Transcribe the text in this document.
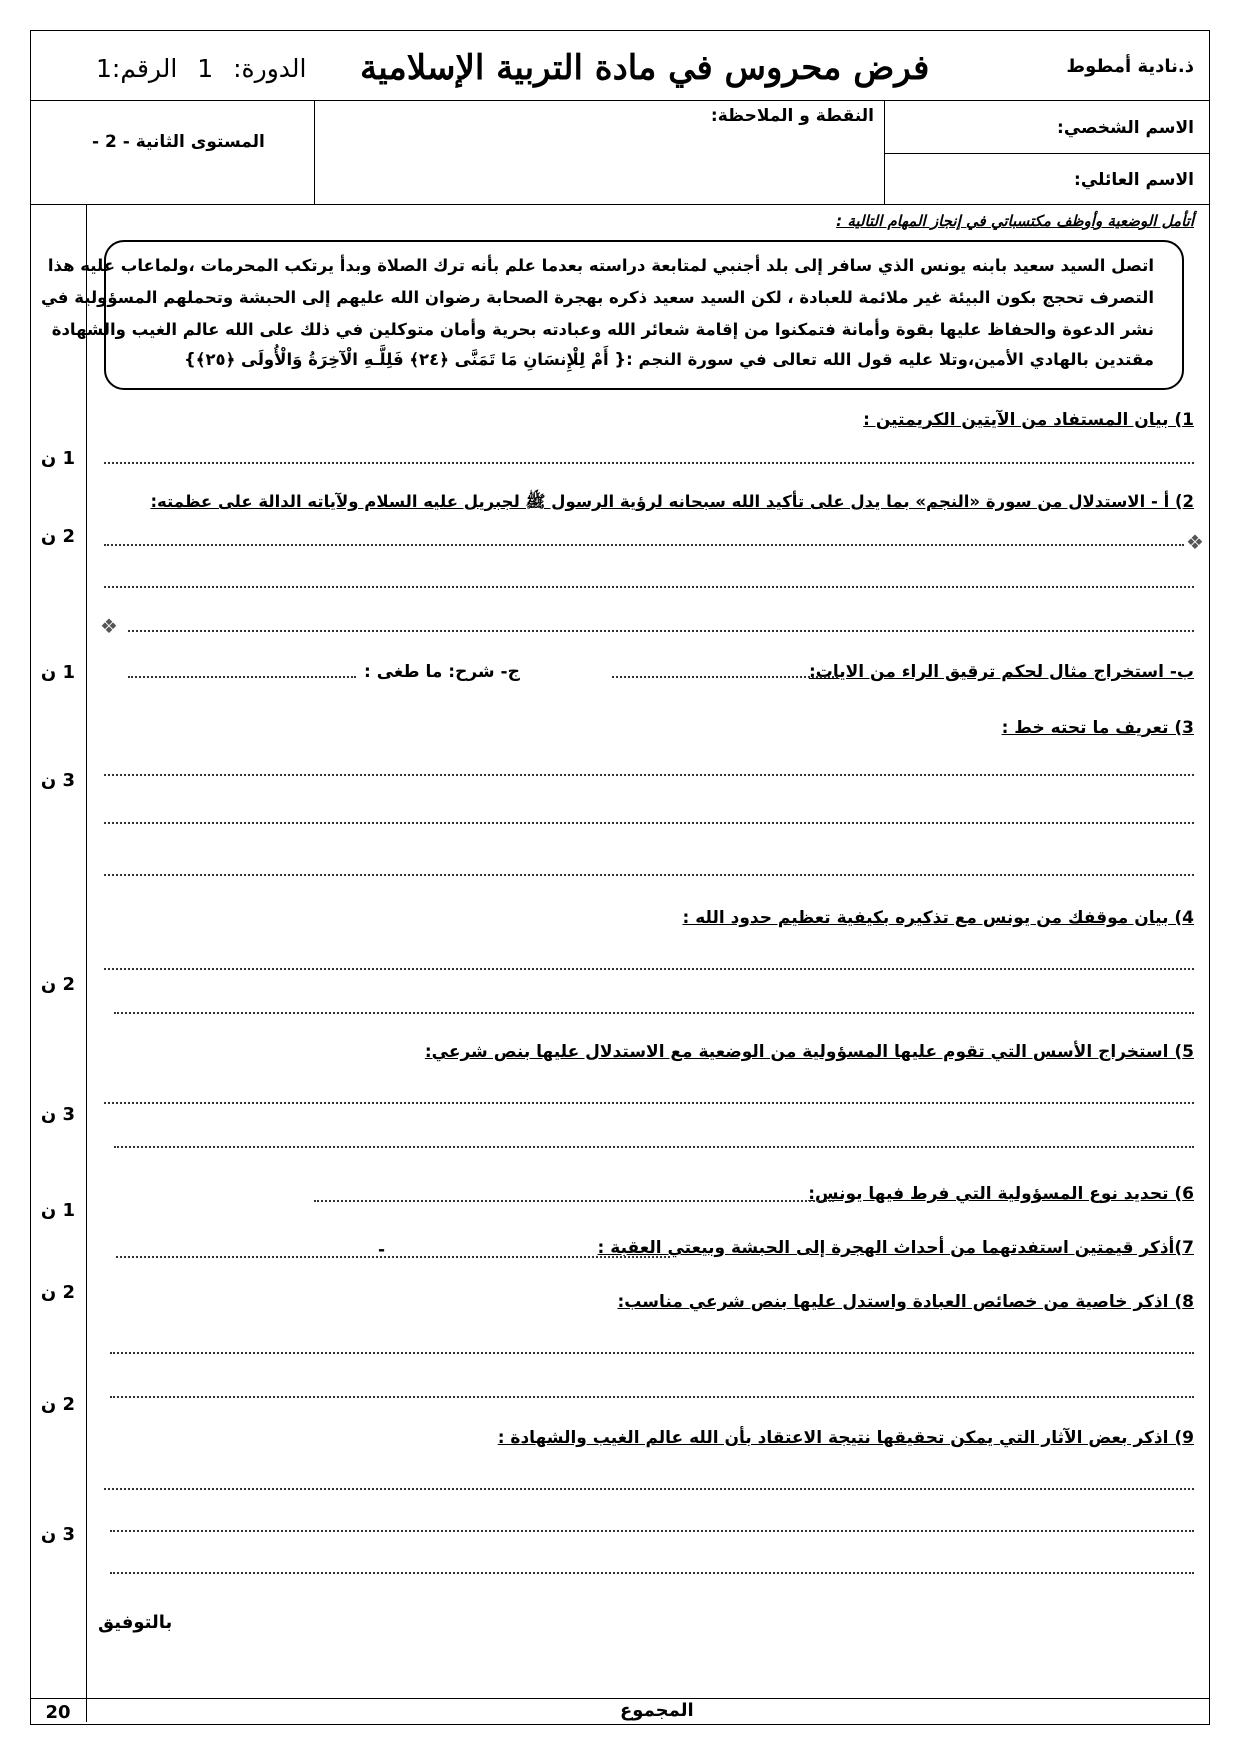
ذ.نادية أمطوط
فرض محروس في مادة التربية الإسلامية
الدورة: 1 الرقم:1
الاسم الشخصي:
الاسم العائلي:
النقطة و الملاحظة:
المستوى الثانية - 2 -
أتأمل الوضعية وأوظف مكتسباتي في إنجاز المهام التالية :
اتصل السيد سعيد بابنه يونس الذي سافر إلى بلد أجنبي لمتابعة دراسته بعدما علم بأنه ترك الصلاة وبدأ يرتكب المحرمات ،ولماعاب عليه هذا
التصرف تحجج بكون البيئة غير ملائمة للعبادة ، لكن السيد سعيد ذكره بهجرة الصحابة رضوان الله عليهم إلى الحبشة وتحملهم المسؤولية في
نشر الدعوة والحفاظ عليها بقوة وأمانة فتمكنوا من إقامة شعائر الله وعبادته بحرية وأمان متوكلين في ذلك على الله عالم الغيب والشهادة
مقتدين بالهادي الأمين،وتلا عليه قول الله تعالى في سورة النجم :{ أَمْ لِلْإِنسَانِ مَا تَمَنَّى ﴿٢٤﴾ فَلِلَّـهِ الْآخِرَةُ وَالْأُولَى ﴿٢٥﴾}
1) بيان المستفاد من الآيتين الكريمتين :
2) أ - الاستدلال من سورة «النجم» بما يدل على تأكيد الله سبحانه لرؤية الرسول ﷺ لجبريل عليه السلام ولآياته الدالة على عظمته:
❖
❖
ب- استخراج مثال لحكم ترقيق الراء من الايات:
ج- شرح: ما طغى :
3) تعريف ما تحته خط :
4) بيان موقفك من يونس مع تذكيره بكيفية تعظيم حدود الله :
5) استخراج الأسس التي تقوم عليها المسؤولية من الوضعية مع الاستدلال عليها بنص شرعي:
6) تحديد نوع المسؤولية التي فرط فيها يونس:
7)أذكر قيمتين استفدتهما من أحداث الهجرة إلى الحبشة وبيعتي العقبة :
-
8) اذكر خاصية من خصائص العبادة واستدل عليها بنص شرعي مناسب:
9) اذكر بعض الآثار التي يمكن تحقيقها نتيجة الاعتقاد بأن الله عالم الغيب والشهادة :
بالتوفيق
1 ن
2 ن
1 ن
3 ن
2 ن
3 ن
1 ن
2 ن
2 ن
3 ن
20	المجموع
